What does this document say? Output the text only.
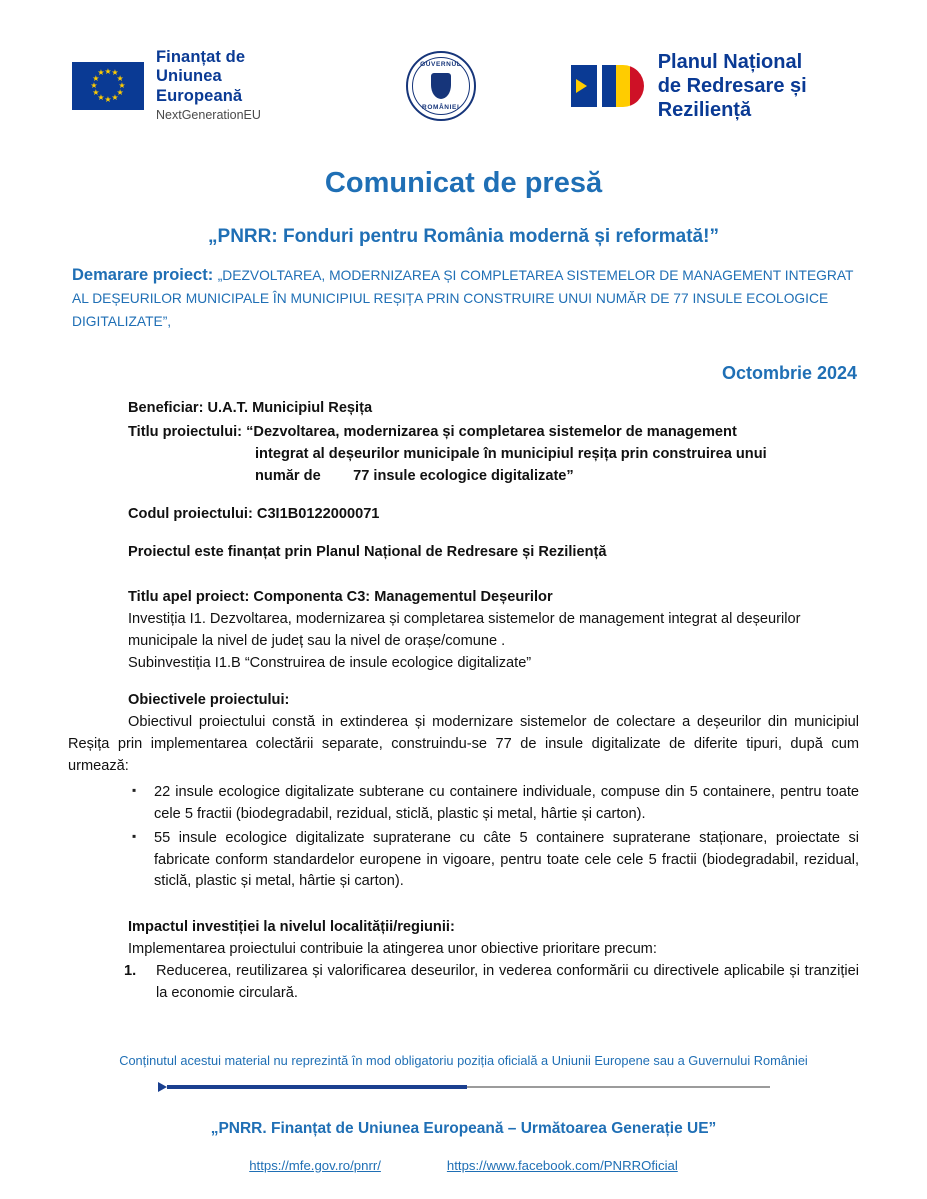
★ ★
★
★
★
★
★
★
★
★
★
★
Finanțat de
Uniunea Europeană
NextGenerationEU
GUVERNUL
ROMÂNIEI
Planul Național
de Redresare și Reziliență
Comunicat de presă
„PNRR: Fonduri pentru România modernă și reformată!”
Demarare proiect: „DEZVOLTAREA, MODERNIZAREA ȘI COMPLETAREA SISTEMELOR DE MANAGEMENT INTEGRAT AL DEȘEURILOR MUNICIPALE ÎN MUNICIPIUL REȘIȚA PRIN CONSTRUIRE UNUI NUMĂR DE 77 INSULE ECOLOGICE DIGITALIZATE”,
Octombrie 2024
Beneficiar: U.A.T. Municipiul Reșița
Titlu proiectului: “Dezvoltarea, modernizarea și completarea sistemelor de management
integrat al deșeurilor municipale în municipiul reșița prin construirea unui
număr de 77 insule ecologice digitalizate”
Codul proiectului: C3I1B0122000071
Proiectul este finanțat prin Planul Național de Redresare și Reziliență
Titlu apel proiect: Componenta C3: Managementul Deșeurilor
Investiția I1. Dezvoltarea, modernizarea și completarea sistemelor de management integrat al deșeurilor municipale la nivel de județ sau la nivel de orașe/comune .
Subinvestiția I1.B “Construirea de insule ecologice digitalizate”
Obiectivele proiectului:
Obiectivul proiectului constă in extinderea și modernizare sistemelor de colectare a deșeurilor din municipiul Reșița prin implementarea colectării separate, construindu-se 77 de insule digitalizate de diferite tipuri, după cum urmează:
▪ 22 insule ecologice digitalizate subterane cu containere individuale, compuse din 5 containere, pentru toate cele 5 fractii (biodegradabil, rezidual, sticlă, plastic și metal, hârtie și carton).
▪ 55 insule ecologice digitalizate supraterane cu câte 5 containere supraterane staționare, proiectate si fabricate conform standardelor europene in vigoare, pentru toate cele cele 5 fractii (biodegradabil, rezidual, sticlă, plastic și metal, hârtie și carton).
Impactul investiției la nivelul localității/regiunii:
Implementarea proiectului contribuie la atingerea unor obiective prioritare precum:
1. Reducerea, reutilizarea și valorificarea deseurilor, in vederea conformării cu directivele aplicabile și tranziției la economie circulară.
Conținutul acestui material nu reprezintă în mod obligatoriu poziția oficială a Uniunii Europene sau a Guvernului României
„PNRR. Finanțat de Uniunea Europeană – Următoarea Generație UE”
https://mfe.gov.ro/pnrr/	https://www.facebook.com/PNRROficial
